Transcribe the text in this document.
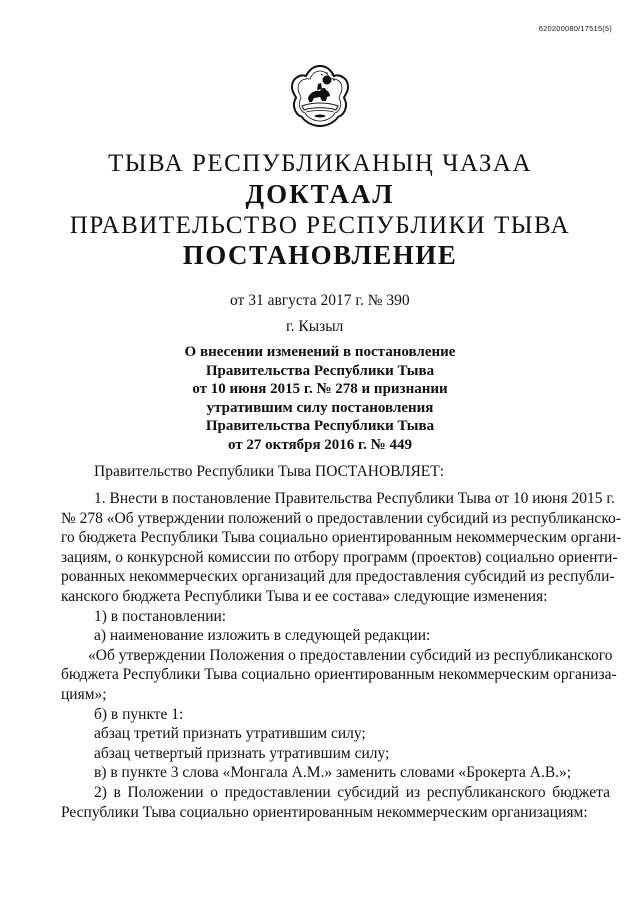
620200080/17515(5)
ТЫВА РЕСПУБЛИКАНЫҢ ЧАЗАА
ДОКТААЛ
ПРАВИТЕЛЬСТВО РЕСПУБЛИКИ ТЫВА
ПОСТАНОВЛЕНИЕ
от 31 августа 2017 г. № 390
г. Кызыл
О внесении изменений в постановление
Правительства Республики Тыва
от 10 июня 2015 г. № 278 и признании
утратившим силу постановления
Правительства Республики Тыва
от 27 октября 2016 г. № 449
Правительство Республики Тыва ПОСТАНОВЛЯЕТ:
1. Внести в постановление Правительства Республики Тыва от 10 июня 2015 г.
№ 278 «Об утверждении положений о предоставлении субсидий из республиканско-
го бюджета Республики Тыва социально ориентированным некоммерческим органи-
зациям, о конкурсной комиссии по отбору программ (проектов) социально ориенти-
рованных некоммерческих организаций для предоставления субсидий из республи-
канского бюджета Республики Тыва и ее состава» следующие изменения:
1) в постановлении:
а) наименование изложить в следующей редакции:
«Об утверждении Положения о предоставлении субсидий из республиканского
бюджета Республики Тыва социально ориентированным некоммерческим организа-
циям»;
б) в пункте 1:
абзац третий признать утратившим силу;
абзац четвертый признать утратившим силу;
в) в пункте 3 слова «Монгала А.М.» заменить словами «Брокерта А.В.»;
2) в Положении о предоставлении субсидий из республиканского бюджета
Республики Тыва социально ориентированным некоммерческим организациям:
